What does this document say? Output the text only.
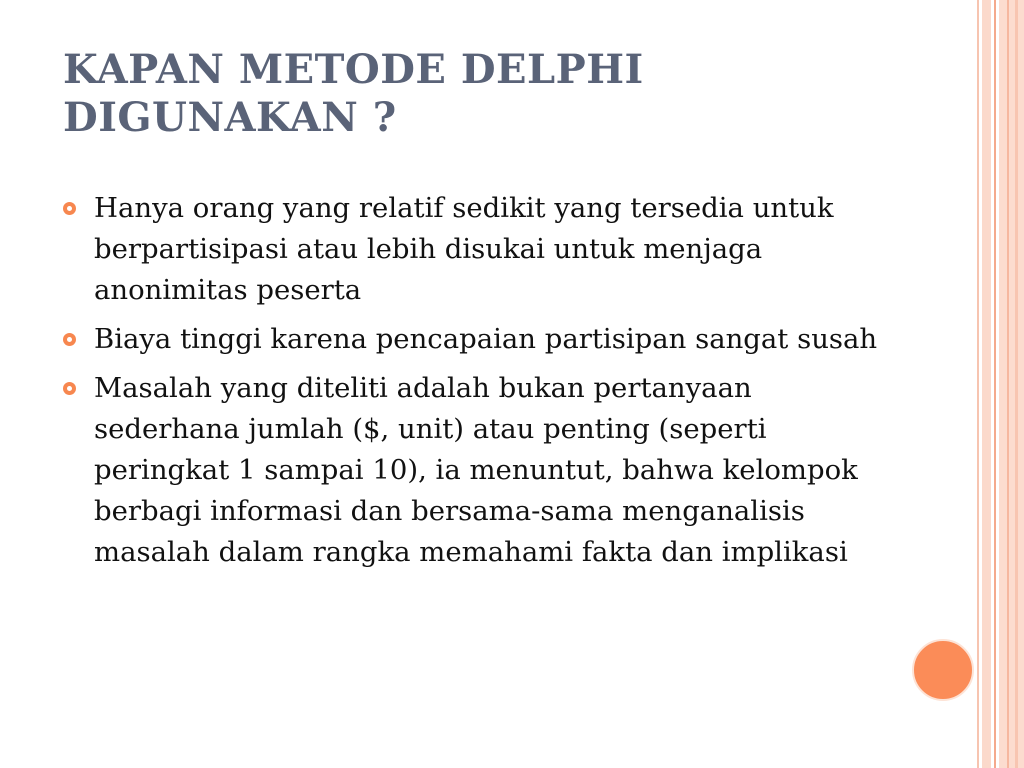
KAPAN METODE DELPHI DIGUNAKAN ?
Hanya orang yang relatif sedikit yang tersedia untuk berpartisipasi atau lebih disukai untuk menjaga anonimitas peserta
Biaya tinggi karena pencapaian partisipan sangat susah
Masalah yang diteliti adalah bukan pertanyaan sederhana jumlah ($, unit) atau penting (seperti peringkat 1 sampai 10), ia menuntut, bahwa kelompok berbagi informasi dan bersama-sama menganalisis masalah dalam rangka memahami fakta dan implikasi
